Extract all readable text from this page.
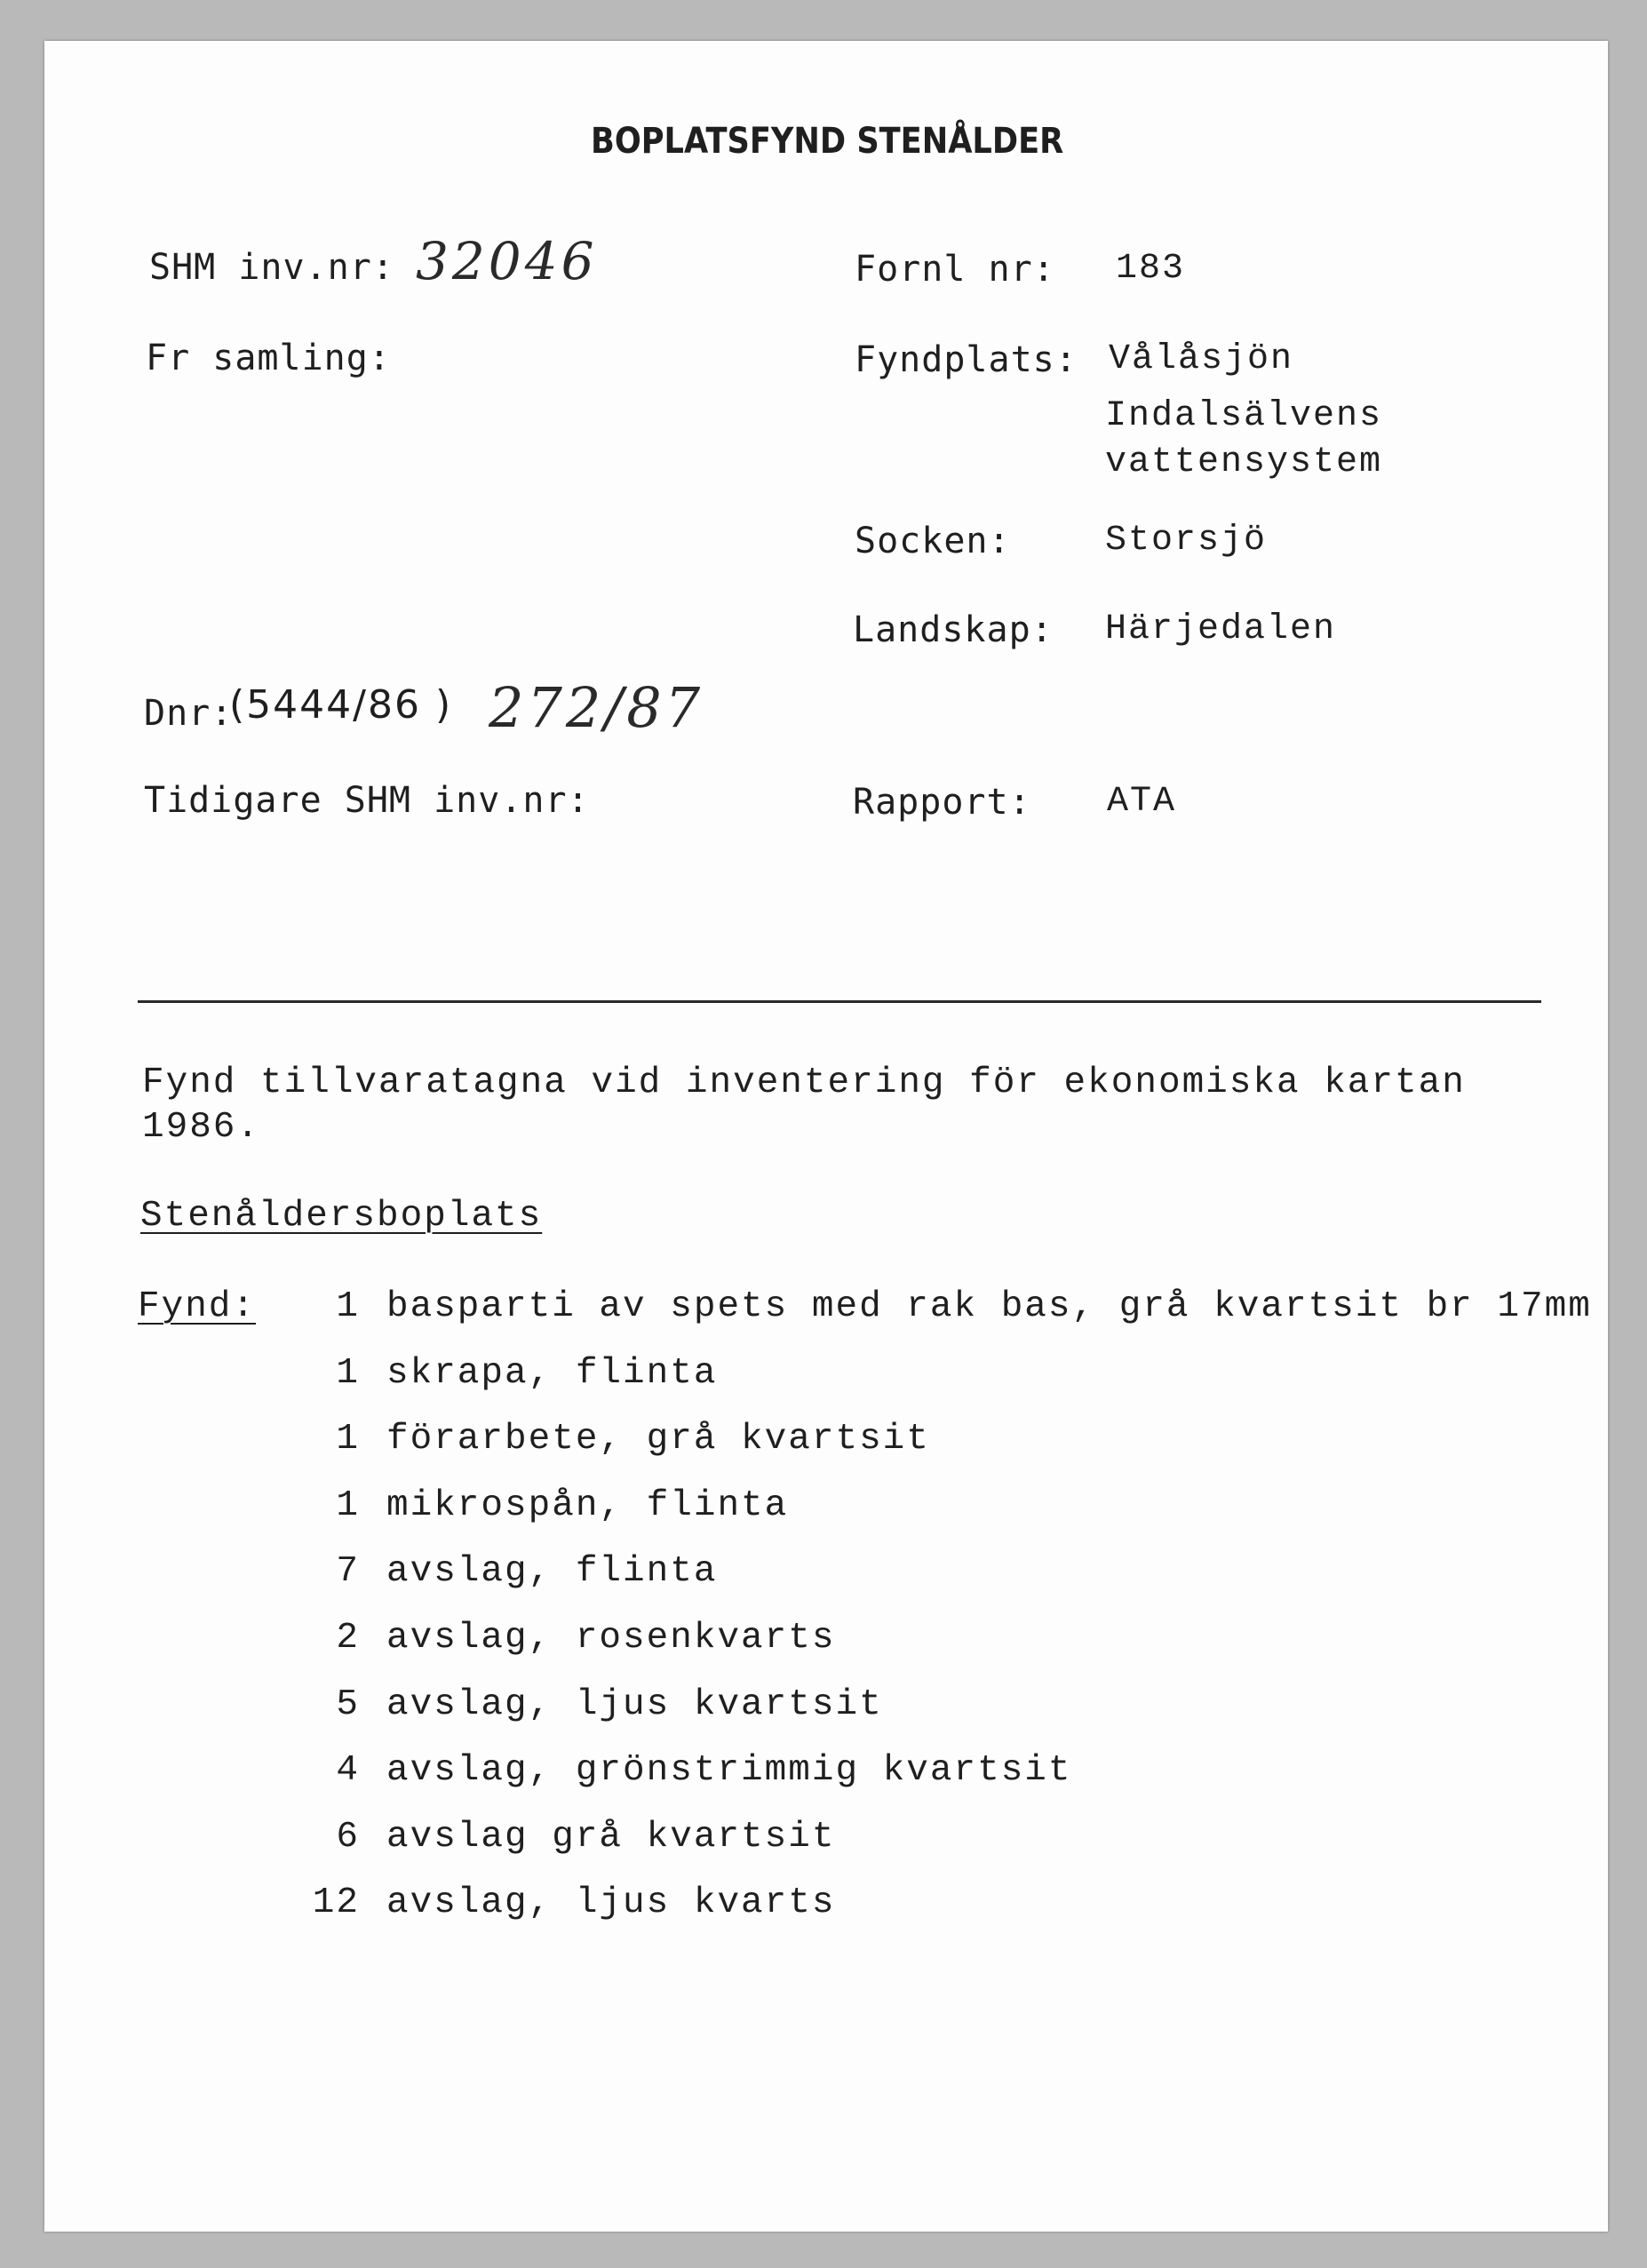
BOPLATSFYND STENÅLDER
SHM inv.nr: 32046
Fr samling:
Dnr:
(5444/86 ) 272/87
Tidigare SHM inv.nr:
Fornl nr: 183
Fyndplats: Vålåsjön
Indalsälvens
vattensystem
Socken:	Storsjö
Landskap: Härjedalen
Rapport: ATA
Fynd tillvaratagna vid inventering för ekonomiska kartan
1986.
Stenåldersboplats
Fynd:	1 basparti av spets med rak bas, grå kvartsit br 17mm
1 skrapa, flinta
1 förarbete, grå kvartsit
1 mikrospån, flinta
7 avslag, flinta
2 avslag, rosenkvarts
5 avslag, ljus kvartsit
4 avslag, grönstrimmig kvartsit
6 avslag grå kvartsit
12 avslag, ljus kvarts
